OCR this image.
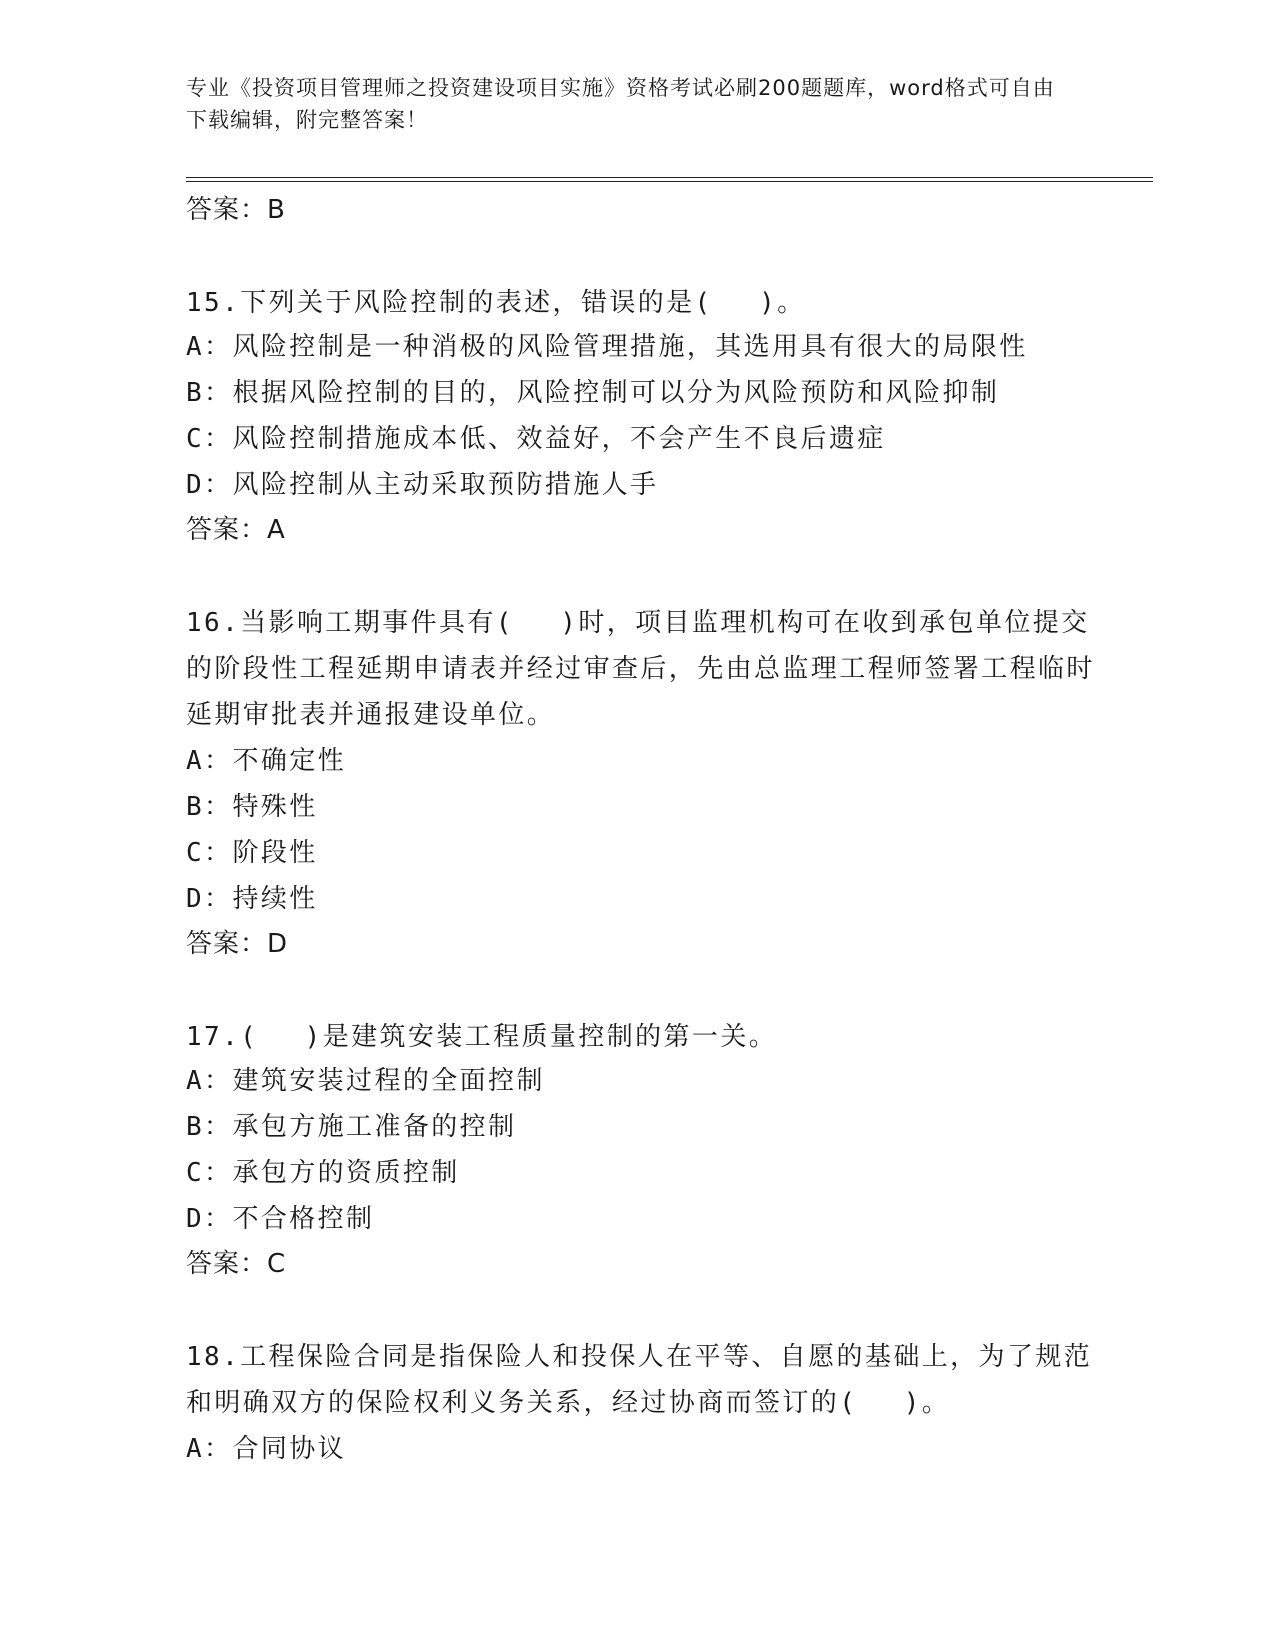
专业《投资项目管理师之投资建设项目实施》资格考试必刷200题题库，word格式可自由下载编辑，附完整答案！
答案：B
15.下列关于风险控制的表述，错误的是(　 )。
A：风险控制是一种消极的风险管理措施，其选用具有很大的局限性
B：根据风险控制的目的，风险控制可以分为风险预防和风险抑制
C：风险控制措施成本低、效益好，不会产生不良后遗症
D：风险控制从主动采取预防措施人手
答案：A
16.当影响工期事件具有(　 )时，项目监理机构可在收到承包单位提交的阶段性工程延期申请表并经过审查后，先由总监理工程师签署工程临时延期审批表并通报建设单位。
A：不确定性
B：特殊性
C：阶段性
D：持续性
答案：D
17.(　 )是建筑安装工程质量控制的第一关。
A：建筑安装过程的全面控制
B：承包方施工准备的控制
C：承包方的资质控制
D：不合格控制
答案：C
18.工程保险合同是指保险人和投保人在平等、自愿的基础上，为了规范和明确双方的保险权利义务关系，经过协商而签订的(　 )。
A：合同协议
